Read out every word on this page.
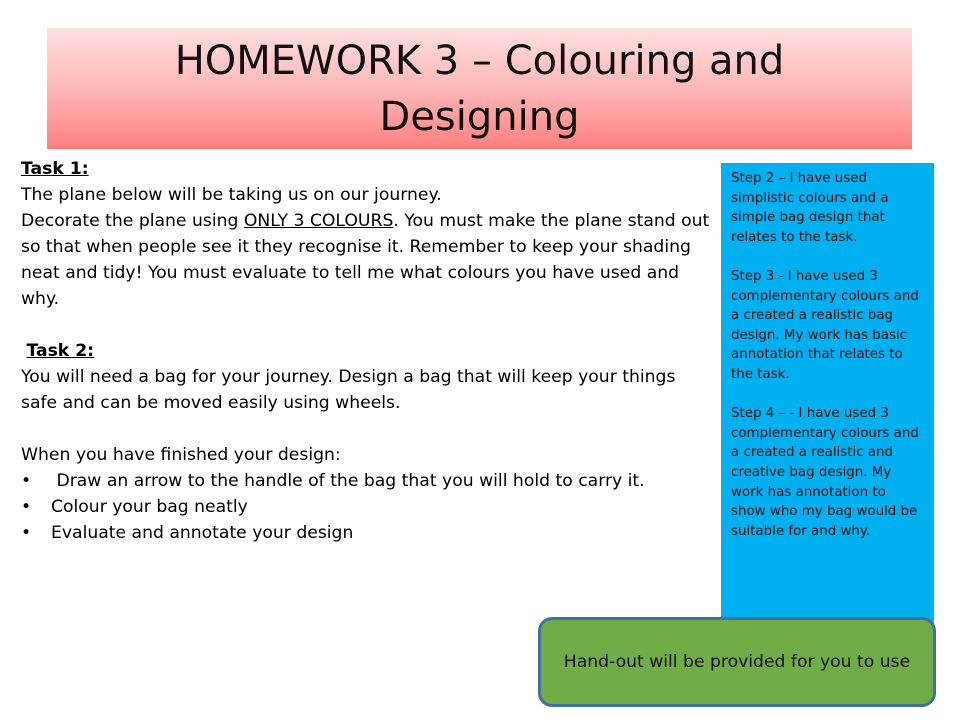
HOMEWORK 3 – Colouring and Designing

Task 1:

The plane below will be taking us on our journey.

Decorate the plane using ONLY 3 COLOURS. You must make the plane stand out so that when people see it they recognise it. Remember to keep your shading neat and tidy! You must evaluate to tell me what colours you have used and why.

Task 2:

You will need a bag for your journey. Design a bag that will keep your things safe and can be moved easily using wheels.

When you have finished your design:

•  Draw an arrow to the handle of the bag that you will hold to carry it.
• Colour your bag neatly
• Evaluate and annotate your design

Step 2 – I have used simplistic colours and a simple bag design that relates to the task.

Step 3 - I have used 3 complementary colours and a created a realistic bag design. My work has basic annotation that relates to the task.

Step 4 – - I have used 3 complementary colours and a created a realistic and creative bag design. My work has annotation to show who my bag would be suitable for and why.

Hand-out will be provided for you to use
